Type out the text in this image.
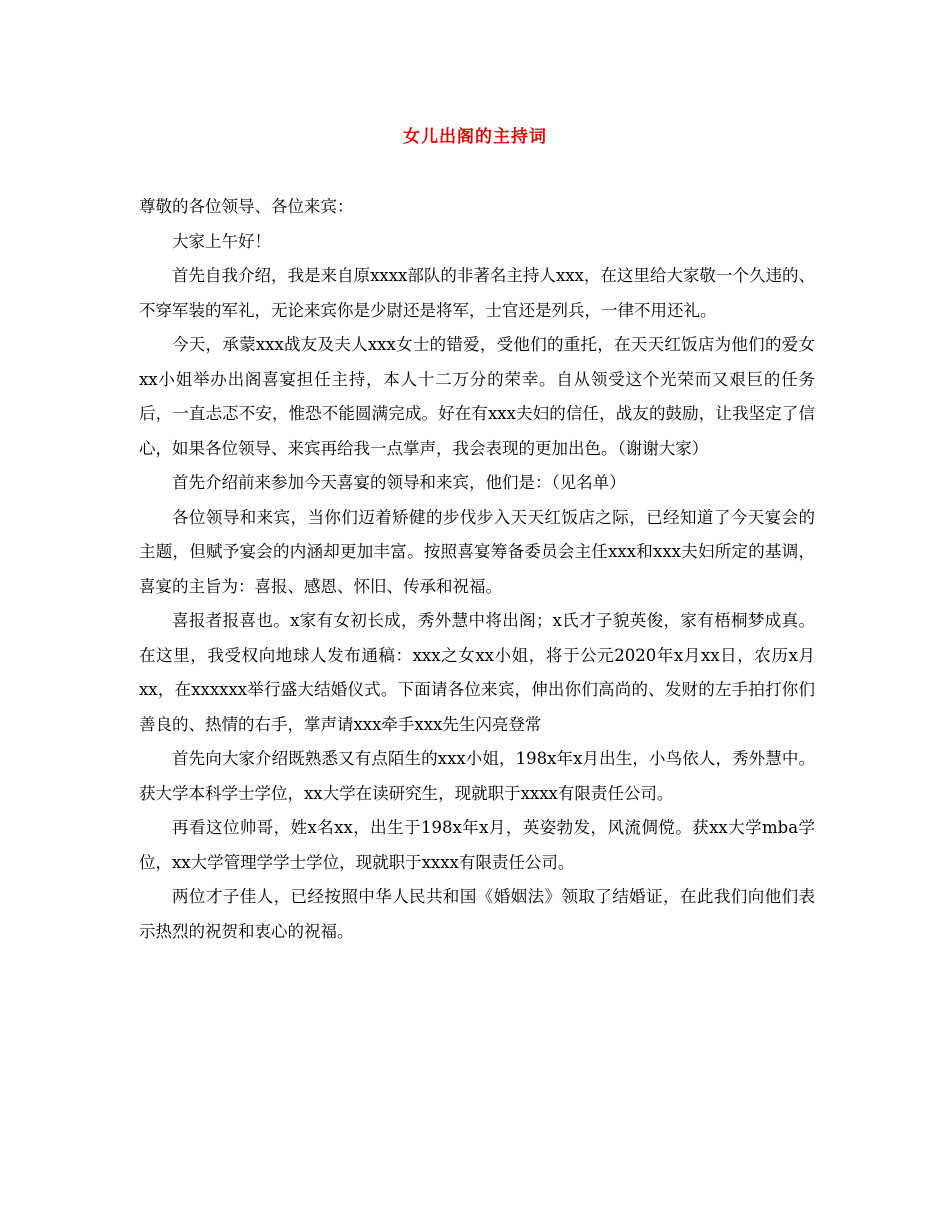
女儿出阁的主持词

尊敬的各位领导、各位来宾：

大家上午好！

首先自我介绍，我是来自原xxxx部队的非著名主持人xxx，在这里给大家敬一个久违的、不穿军装的军礼，无论来宾你是少尉还是将军，士官还是列兵，一律不用还礼。

今天，承蒙xxx战友及夫人xxx女士的错爱，受他们的重托，在天天红饭店为他们的爱女xx小姐举办出阁喜宴担任主持，本人十二万分的荣幸。自从领受这个光荣而又艰巨的任务后，一直忐忑不安，惟恐不能圆满完成。好在有xxx夫妇的信任，战友的鼓励，让我坚定了信心，如果各位领导、来宾再给我一点掌声，我会表现的更加出色。（谢谢大家）

首先介绍前来参加今天喜宴的领导和来宾，他们是：（见名单）

各位领导和来宾，当你们迈着矫健的步伐步入天天红饭店之际，已经知道了今天宴会的主题，但赋予宴会的内涵却更加丰富。按照喜宴筹备委员会主任xxx和xxx夫妇所定的基调，喜宴的主旨为：喜报、感恩、怀旧、传承和祝福。

喜报者报喜也。x家有女初长成，秀外慧中将出阁；x氏才子貌英俊，家有梧桐梦成真。在这里，我受权向地球人发布通稿：xxx之女xx小姐，将于公元2020年x月xx日，农历x月xx，在xxxxxx举行盛大结婚仪式。下面请各位来宾，伸出你们高尚的、发财的左手拍打你们善良的、热情的右手，掌声请xxx牵手xxx先生闪亮登常

首先向大家介绍既熟悉又有点陌生的xxx小姐，198x年x月出生，小鸟依人，秀外慧中。获大学本科学士学位，xx大学在读研究生，现就职于xxxx有限责任公司。

再看这位帅哥，姓x名xx，出生于198x年x月，英姿勃发，风流倜傥。获xx大学mba学位，xx大学管理学学士学位，现就职于xxxx有限责任公司。

两位才子佳人，已经按照中华人民共和国《婚姻法》领取了结婚证，在此我们向他们表示热烈的祝贺和衷心的祝福。
